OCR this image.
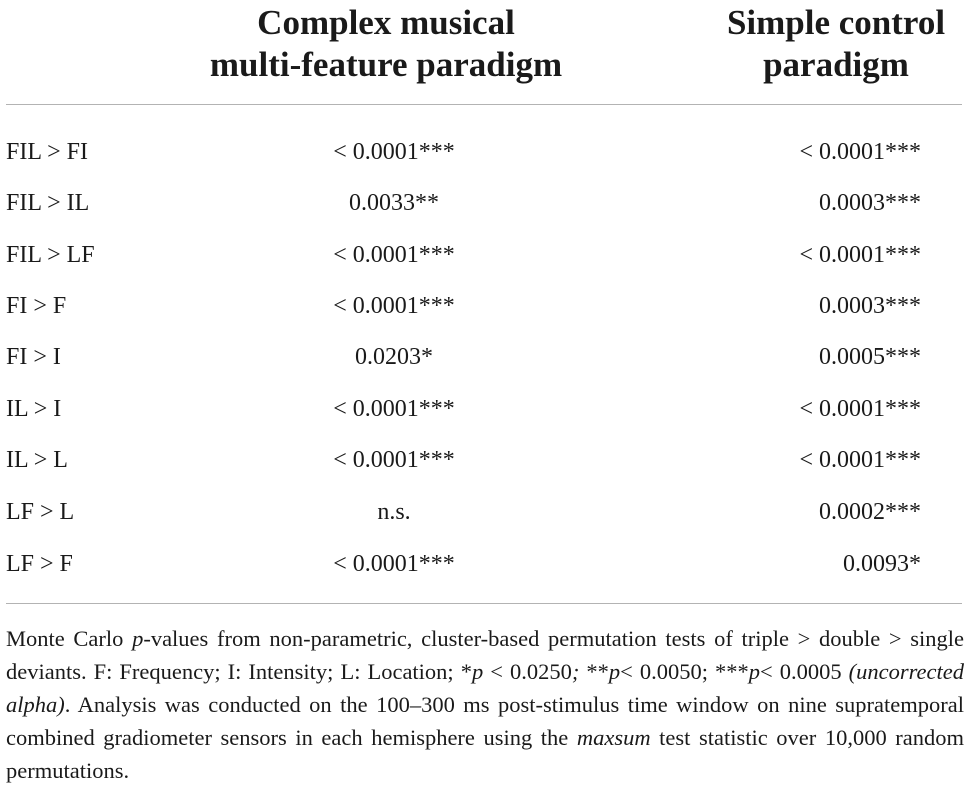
Complex musical
multi-feature paradigm
Simple control
paradigm
FIL > FI	< 0.0001***	< 0.0001***
FIL > IL	0.0033**	0.0003***
FIL > LF	< 0.0001***	< 0.0001***
FI > F	< 0.0001***	0.0003***
FI > I	0.0203*	0.0005***
IL > I	< 0.0001***	< 0.0001***
IL > L	< 0.0001***	< 0.0001***
LF > L	n.s.	0.0002***
LF > F	< 0.0001***	0.0093*
Monte Carlo p-values from non-parametric, cluster-based permutation tests of triple > double > single deviants. F: Frequency; I: Intensity; L: Location; *p < 0.0250; **p< 0.0050; ***p< 0.0005 (uncorrected alpha). Analysis was conducted on the 100–300 ms post-stimulus time window on nine supratemporal combined gradiometer sensors in each hemisphere using the maxsum test statistic over 10,000 random permutations.
